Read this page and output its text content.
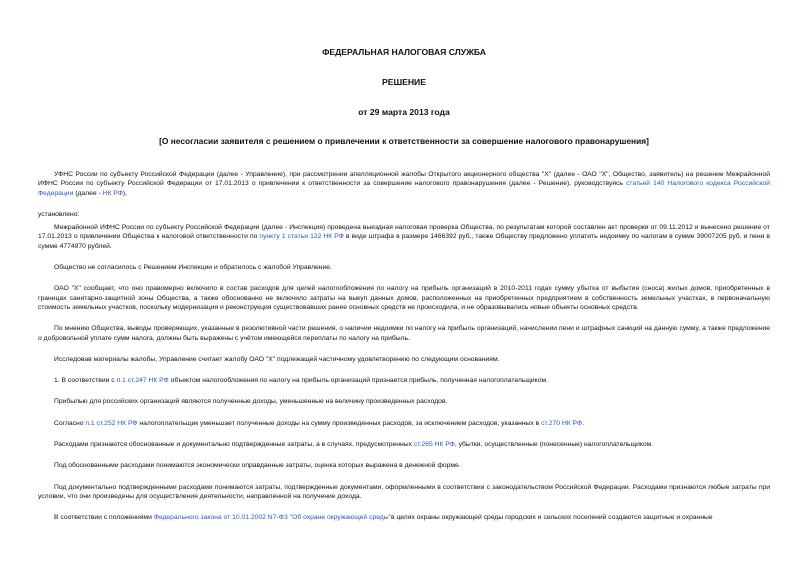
ФЕДЕРАЛЬНАЯ НАЛОГОВАЯ СЛУЖБА
РЕШЕНИЕ
от 29 марта 2013 года
[О несогласии заявителя с решением о привлечении к ответственности за совершение налогового правонарушения]

УФНС России по субъекту Российской Федерации (далее - Управление), при рассмотрении апелляционной жалобы Открытого акционерного общества "Х" (далее - ОАО "Х", Общество, заявитель) на решение Межрайонной ИФНС России по субъекту Российской Федерации от 17.01.2013 о привлечении к ответственности за совершение налогового правонарушения (далее - Решение), руководствуясь статьей 140 Налогового кодекса Российской Федерации (далее - НК РФ),

установлено:

Межрайонной ИФНС России по субъекту Российской Федерации (далее - Инспекция) проведена выездная налоговая проверка Общества, по результатам которой составлен акт проверки от 09.11.2012 и вынесено решение от 17.01.2013 о привлечении Общества к налоговой ответственности по пункту 1 статьи 122 НК РФ в виде штрафа в размере 1466392 руб., также Обществу предложено уплатить недоимку по налогам в сумме 39007205 руб. и пени в сумме 4774970 рублей.

Общество не согласилось с Решением Инспекции и обратилось с жалобой Управление.

ОАО "Х" сообщает, что оно правомерно включило в состав расходов для целей налогообложения по налогу на прибыль организаций в 2010-2011 годах сумму убытка от выбытия (сноса) жилых домов, приобретенных в границах санитарно-защитной зоны Общества, а также обоснованно не включило затраты на выкуп данных домов, расположенных на приобретенных предприятием в собственность земельных участках, в первоначальную стоимость земельных участков, поскольку модернизация и реконструкция существовавших ранее основных средств не происходила, и не образовывались новые объекты основных средств.

По мнению Общества, выводы проверяющих, указанные в резолютивной части решения, о наличии недоимки по налогу на прибыль организаций, начислении пени и штрафных санкций на данную сумму, а также предложение о добровольной уплате сумм налога, должны быть выражены с учётом имеющейся переплаты по налогу на прибыль.

Исследовав материалы жалобы, Управление считает жалобу ОАО "Х" подлежащей частичному удовлетворению по следующим основаниям.

1. В соответствии с п.1 ст.247 НК РФ объектом налогообложения по налогу на прибыль организаций признается прибыль, полученная налогоплательщиком.

Прибылью для российских организаций являются полученные доходы, уменьшенные на величину произведенных расходов.

Согласно п.1 ст.252 НК РФ налогоплательщик уменьшает полученные доходы на сумму произведенных расходов, за исключением расходов, указанных в ст.270 НК РФ.

Расходами признаются обоснованные и документально подтвержденные затраты, а в случаях, предусмотренных ст.265 НК РФ, убытки, осуществленные (понесенные) налогоплательщиком.

Под обоснованными расходами понимаются экономически оправданные затраты, оценка которых выражена в денежной форме.

Под документально подтвержденными расходами понимаются затраты, подтвержденные документами, оформленными в соответствии с законодательством Российской Федерации. Расходами признаются любые затраты при условии, что они произведены для осуществления деятельности, направленной на получение дохода.

В соответствии с положениями Федерального закона от 10.01.2002 N7-ФЗ "Об охране окружающей среды"в целях охраны окружающей среды городских и сельских поселений создаются защитные и охранные
